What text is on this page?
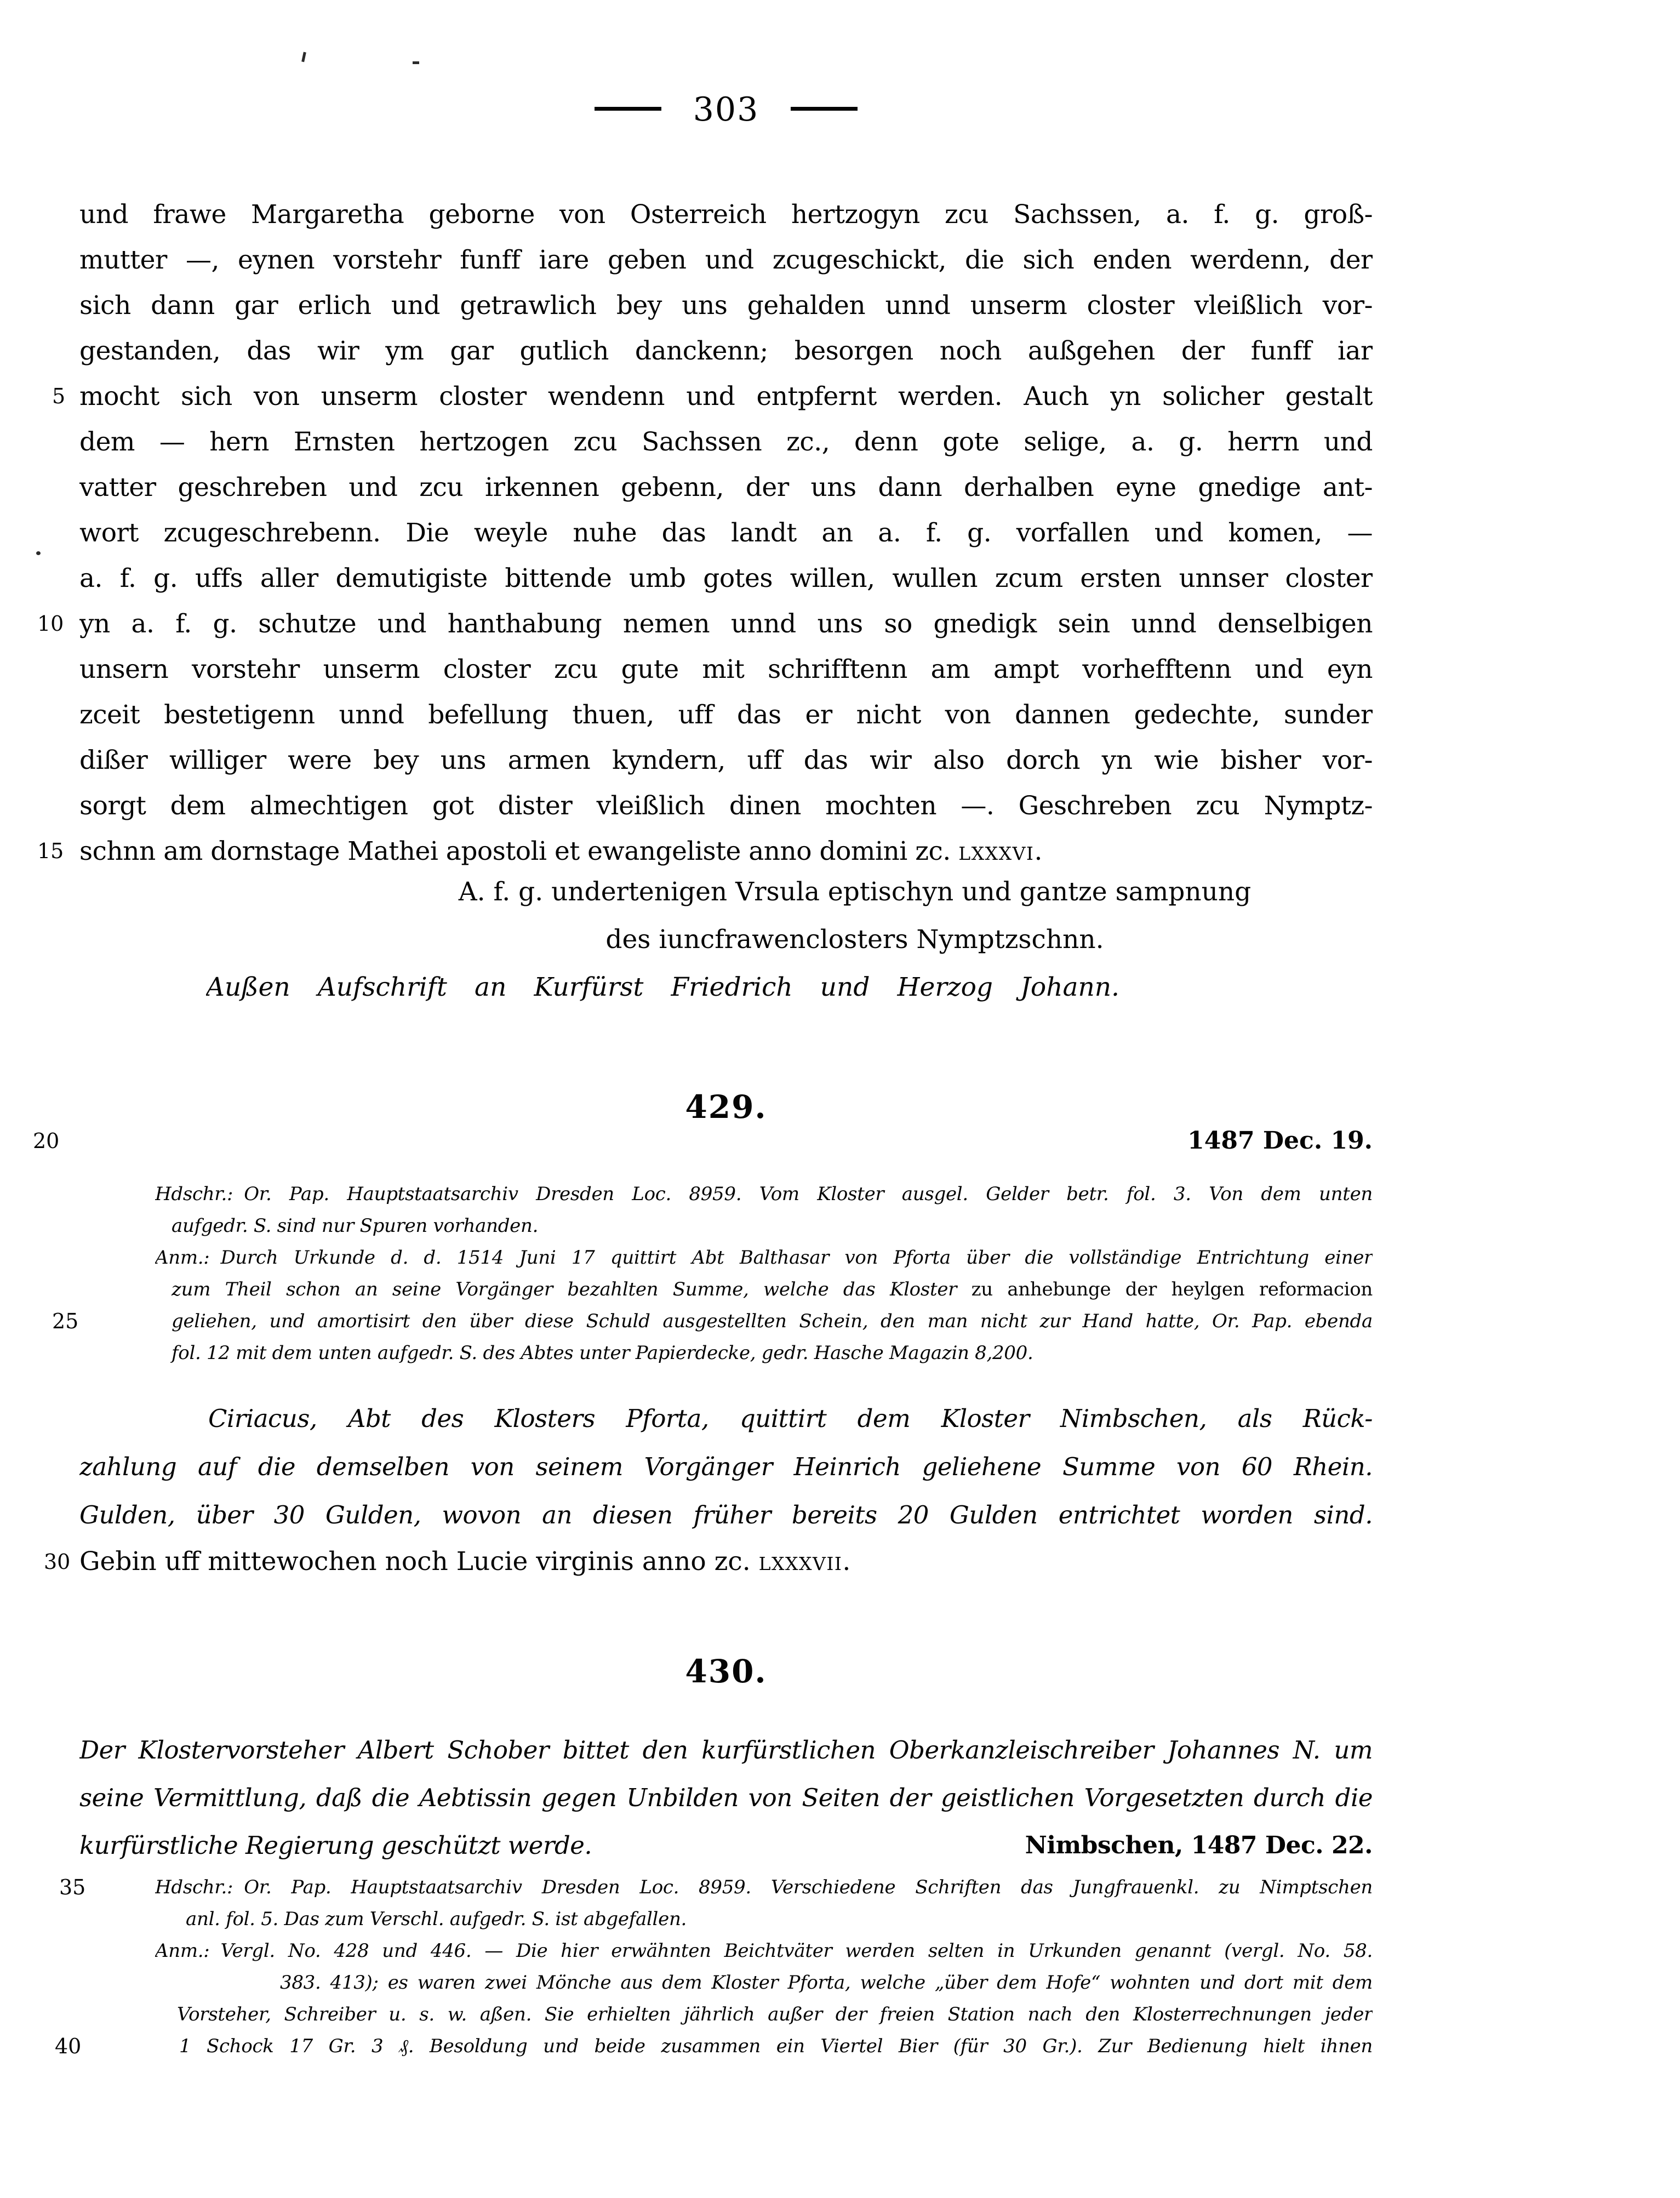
303
und frawe Margaretha geborne von Osterreich hertzogyn zcu Sachssen, a. f. g. groß-
mutter —, eynen vorstehr funff iare geben und zcugeschickt, die sich enden werdenn, der
sich dann gar erlich und getrawlich bey uns gehalden unnd unserm closter vleißlich vor-
gestanden, das wir ym gar gutlich danckenn; besorgen noch außgehen der funff iar
mocht sich von unserm closter wendenn und entpfernt werden. Auch yn solicher gestalt
dem — hern Ernsten hertzogen zcu Sachssen zc., denn gote selige, a. g. herrn und
vatter geschreben und zcu irkennen gebenn, der uns dann derhalben eyne gnedige ant-
wort zcugeschrebenn. Die weyle nuhe das landt an a. f. g. vorfallen und komen, —
a. f. g. uffs aller demutigiste bittende umb gotes willen, wullen zcum ersten unnser closter
yn a. f. g. schutze und hanthabung nemen unnd uns so gnedigk sein unnd denselbigen
unsern vorstehr unserm closter zcu gute mit schrifftenn am ampt vorhefftenn und eyn
zceit bestetigenn unnd befellung thuen, uff das er nicht von dannen gedechte, sunder
dißer williger were bey uns armen kyndern, uff das wir also dorch yn wie bisher vor-
sorgt dem almechtigen got dister vleißlich dinen mochten —. Geschreben zcu Nymptz-
schnn am dornstage Mathei apostoli et ewangeliste anno domini zc. lxxxvi.
5
10
15
20
25
30
35
40
A. f. g. undertenigen Vrsula eptischyn und gantze sampnung
des iuncfrawenclosters Nymptzschnn.
Außen Aufschrift an Kurfürst Friedrich und Herzog Johann.
429.
1487 Dec. 19.
Hdschr.: Or. Pap. Hauptstaatsarchiv Dresden Loc. 8959. Vom Kloster ausgel. Gelder betr. fol. 3. Von dem unten
aufgedr. S. sind nur Spuren vorhanden.
Anm.: Durch Urkunde d. d. 1514 Juni 17 quittirt Abt Balthasar von Pforta über die vollständige Entrichtung einer
zum Theil schon an seine Vorgänger bezahlten Summe, welche das Kloster zu anhebunge der heylgen reformacion
geliehen, und amortisirt den über diese Schuld ausgestellten Schein, den man nicht zur Hand hatte, Or. Pap. ebenda
fol. 12 mit dem unten aufgedr. S. des Abtes unter Papierdecke, gedr. Hasche Magazin 8,200.
Ciriacus, Abt des Klosters Pforta, quittirt dem Kloster Nimbschen, als Rück-
zahlung auf die demselben von seinem Vorgänger Heinrich geliehene Summe von 60 Rhein.
Gulden, über 30 Gulden, wovon an diesen früher bereits 20 Gulden entrichtet worden sind.
Gebin uff mittewochen noch Lucie virginis anno zc. lxxxvii.
430.
Der Klostervorsteher Albert Schober bittet den kurfürstlichen Oberkanzleischreiber Johannes N. um
seine Vermittlung, daß die Aebtissin gegen Unbilden von Seiten der geistlichen Vorgesetzten durch die
kurfürstliche Regierung geschützt werde.	Nimbschen, 1487 Dec. 22.
Hdschr.: Or. Pap. Hauptstaatsarchiv Dresden Loc. 8959. Verschiedene Schriften das Jungfrauenkl. zu Nimptschen
anl. fol. 5. Das zum Verschl. aufgedr. S. ist abgefallen.
Anm.: Vergl. No. 428 und 446. — Die hier erwähnten Beichtväter werden selten in Urkunden genannt (vergl. No. 58.
383. 413); es waren zwei Mönche aus dem Kloster Pforta, welche „über dem Hofe“ wohnten und dort mit dem
Vorsteher, Schreiber u. s. w. aßen. Sie erhielten jährlich außer der freien Station nach den Klosterrechnungen jeder
1 Schock 17 Gr. 3 ₰. Besoldung und beide zusammen ein Viertel Bier (für 30 Gr.). Zur Bedienung hielt ihnen
